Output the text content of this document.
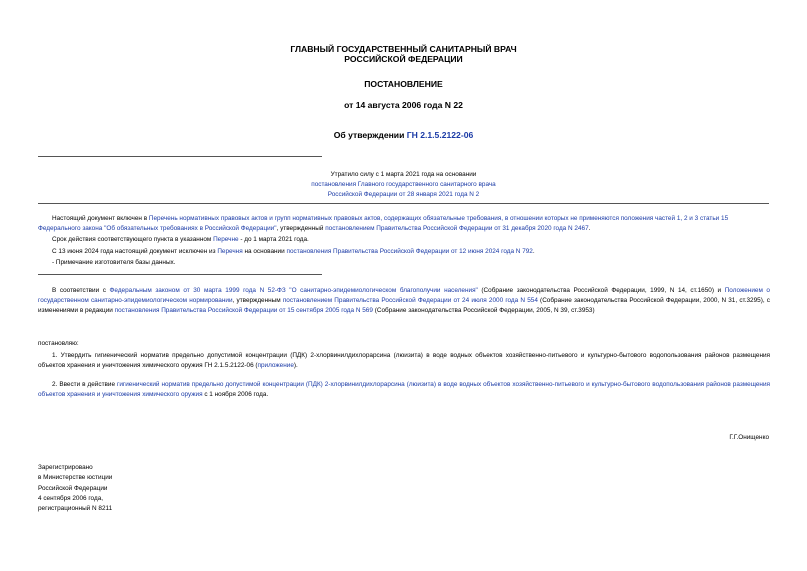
ГЛАВНЫЙ ГОСУДАРСТВЕННЫЙ САНИТАРНЫЙ ВРАЧ

РОССИЙСКОЙ ФЕДЕРАЦИИ

ПОСТАНОВЛЕНИЕ
от 14 августа 2006 года N 22
Об утверждении ГН 2.1.5.2122-06

Утратило силу с 1 марта 2021 года на основании

постановления Главного государственного санитарного врача

Российской Федерации от 28 января 2021 года N 2

Настоящий документ включен в Перечень нормативных правовых актов и групп нормативных правовых актов, содержащих обязательные требования, в отношении которых не применяются положения частей 1, 2 и 3 статьи 15 Федерального закона "Об обязательных требованиях в Российской Федерации", утвержденный постановлением Правительства Российской Федерации от 31 декабря 2020 года N 2467.

Срок действия соответствующего пункта в указанном Перечне - до 1 марта 2021 года.

С 13 июня 2024 года настоящий документ исключен из Перечня на основании постановления Правительства Российской Федерации от 12 июня 2024 года N 792.

- Примечание изготовителя базы данных.

В соответствии с Федеральным законом от 30 марта 1999 года N 52-ФЗ "О санитарно-эпидемиологическом благополучии населения" (Собрание законодательства Российской Федерации, 1999, N 14, ст.1650) и Положением о государственном санитарно-эпидемиологическом нормировании, утвержденным постановлением Правительства Российской Федерации от 24 июля 2000 года N 554 (Собрание законодательства Российской Федерации, 2000, N 31, ст.3295), с изменениями в редакции постановления Правительства Российской Федерации от 15 сентября 2005 года N 569 (Собрание законодательства Российской Федерации, 2005, N 39, ст.3953)

постановляю:

1. Утвердить гигиенический норматив предельно допустимой концентрации (ПДК) 2-хлорвинилдихлорарсина (люизита) в воде водных объектов хозяйственно-питьевого и культурно-бытового водопользования районов размещения объектов хранения и уничтожения химического оружия ГН 2.1.5.2122-06 (приложение).

2. Ввести в действие гигиенический норматив предельно допустимой концентрации (ПДК) 2-хлорвинилдихлорарсина (люизита) в воде водных объектов хозяйственно-питьевого и культурно-бытового водопользования районов размещения объектов хранения и уничтожения химического оружия с 1 ноября 2006 года.

Г.Г.Онищенко

Зарегистрировано

в Министерстве юстиции

Российской Федерации

4 сентября 2006 года,

регистрационный N 8211
